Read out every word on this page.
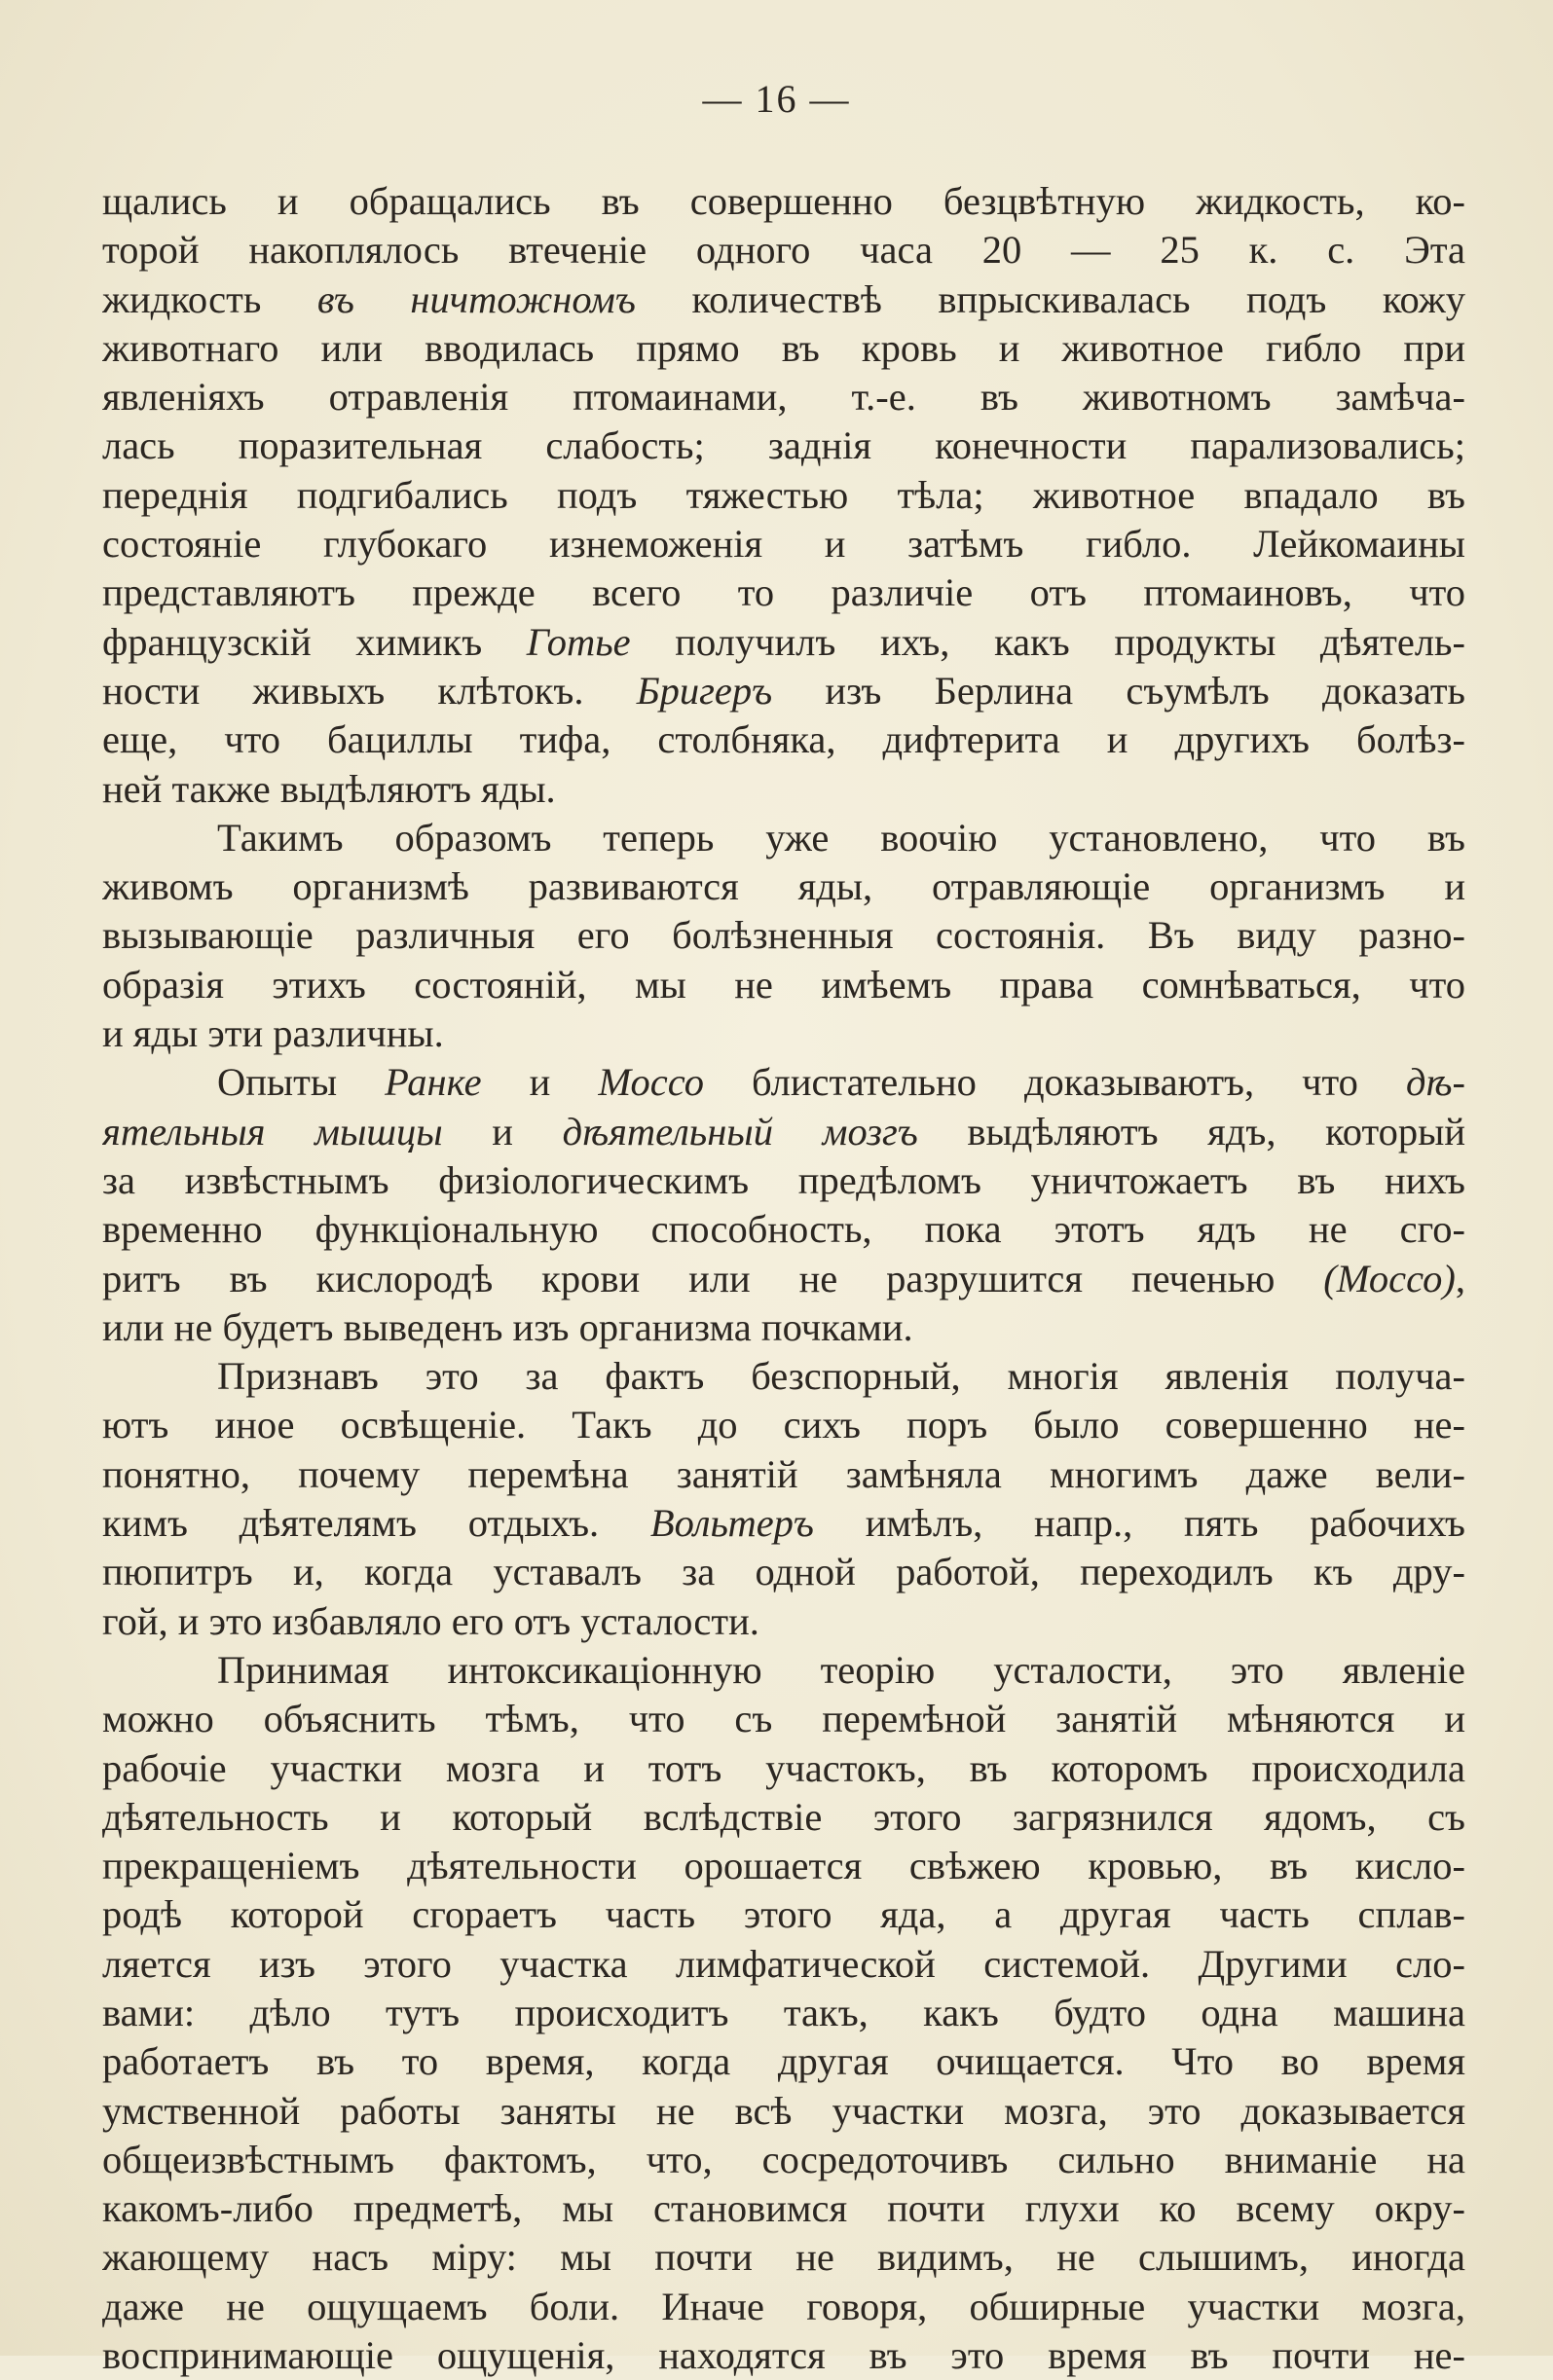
— 16 —
щались и обращались въ совершенно безцвѣтную жидкость, ко-
торой накоплялось втеченіе одного часа 20 — 25 к. с. Эта
жидкость въ ничтожномъ количествѣ впрыскивалась подъ кожу
животнаго или вводилась прямо въ кровь и животное гибло при
явленіяхъ отравленія птомаинами, т.-е. въ животномъ замѣча-
лась поразительная слабость; заднія конечности парализовались;
переднія подгибались подъ тяжестью тѣла; животное впадало въ
состояніе глубокаго изнеможенія и затѣмъ гибло. Лейкомаины
представляютъ прежде всего то различіе отъ птомаиновъ, что
французскій химикъ Готье получилъ ихъ, какъ продукты дѣятель-
ности живыхъ клѣтокъ. Бригеръ изъ Берлина съумѣлъ доказать
еще, что бациллы тифа, столбняка, дифтерита и другихъ болѣз-
ней также выдѣляютъ яды.
Такимъ образомъ теперь уже воочію установлено, что въ
живомъ организмѣ развиваются яды, отравляющіе организмъ и
вызывающіе различныя его болѣзненныя состоянія. Въ виду разно-
образія этихъ состояній, мы не имѣемъ права сомнѣваться, что
и яды эти различны.
Опыты Ранке и Моссо блистательно доказываютъ, что дѣ-
ятельныя мышцы и дѣятельный мозгъ выдѣляютъ ядъ, который
за извѣстнымъ физіологическимъ предѣломъ уничтожаетъ въ нихъ
временно функціональную способность, пока этотъ ядъ не сго-
ритъ въ кислородѣ крови или не разрушится печенью (Моссо),
или не будетъ выведенъ изъ организма почками.
Признавъ это за фактъ безспорный, многія явленія получа-
ютъ иное освѣщеніе. Такъ до сихъ поръ было совершенно не-
понятно, почему перемѣна занятій замѣняла многимъ даже вели-
кимъ дѣятелямъ отдыхъ. Вольтеръ имѣлъ, напр., пять рабочихъ
пюпитръ и, когда уставалъ за одной работой, переходилъ къ дру-
гой, и это избавляло его отъ усталости.
Принимая интоксикаціонную теорію усталости, это явленіе
можно объяснить тѣмъ, что съ перемѣной занятій мѣняются и
рабочіе участки мозга и тотъ участокъ, въ которомъ происходила
дѣятельность и который вслѣдствіе этого загрязнился ядомъ, съ
прекращеніемъ дѣятельности орошается свѣжею кровью, въ кисло-
родѣ которой сгораетъ часть этого яда, а другая часть сплав-
ляется изъ этого участка лимфатической системой. Другими сло-
вами: дѣло тутъ происходитъ такъ, какъ будто одна машина
работаетъ въ то время, когда другая очищается. Что во время
умственной работы заняты не всѣ участки мозга, это доказывается
общеизвѣстнымъ фактомъ, что, сосредоточивъ сильно вниманіе на
какомъ-либо предметѣ, мы становимся почти глухи ко всему окру-
жающему насъ міру: мы почти не видимъ, не слышимъ, иногда
даже не ощущаемъ боли. Иначе говоря, обширные участки мозга,
воспринимающіе ощущенія, находятся въ это время въ почти не-
